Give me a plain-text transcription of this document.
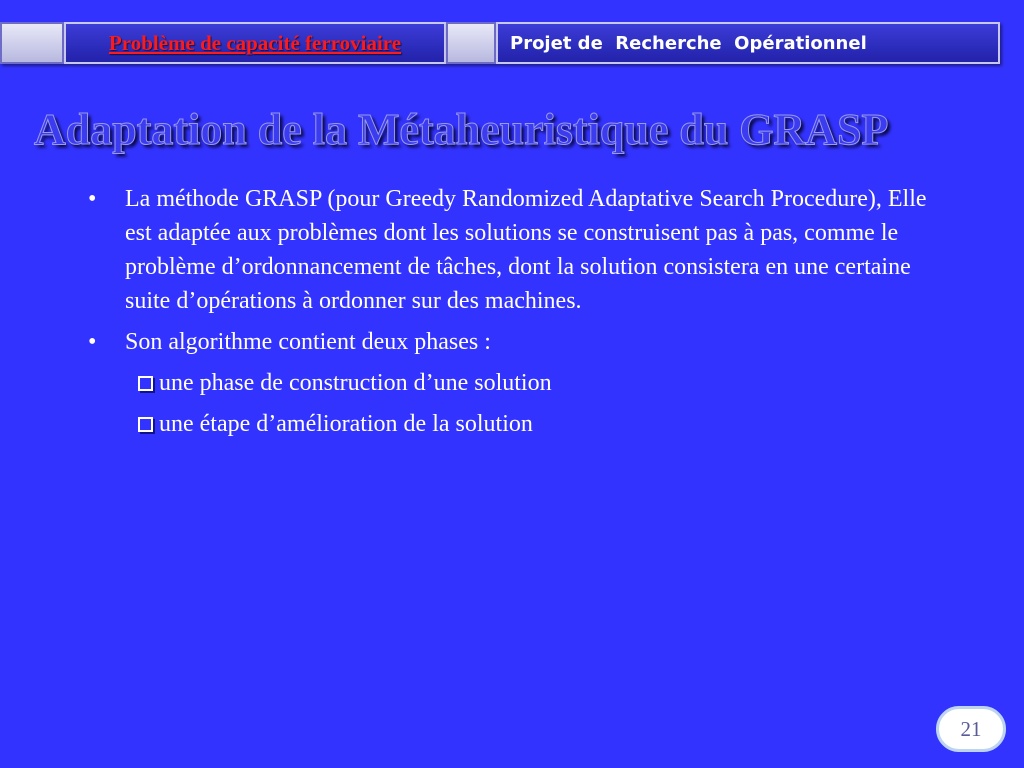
Problème de capacité ferroviaire	Projet de  Recherche  Opérationnel
Adaptation de la Métaheuristique du GRASP
•	La méthode GRASP (pour Greedy Randomized Adaptative Search Procedure), Elle est adaptée aux problèmes dont les solutions se construisent pas à pas, comme le problème d’ordonnancement de tâches, dont la solution consistera en une certaine suite d’opérations à ordonner sur des machines.
•	Son algorithme contient deux phases :
une phase de construction d’une solution
une étape d’amélioration de la solution
21
